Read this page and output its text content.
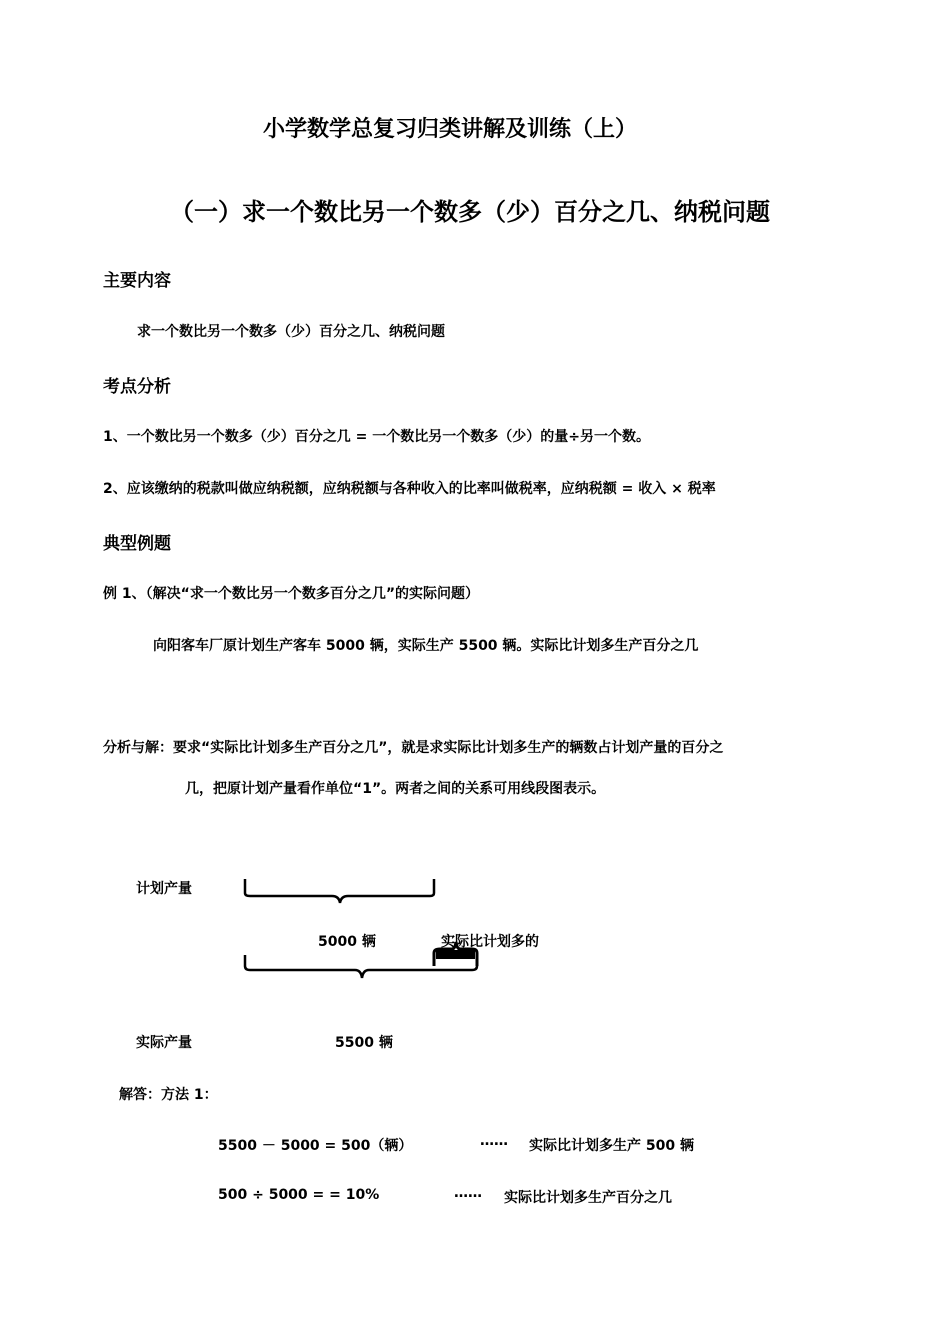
小学数学总复习归类讲解及训练（上）
（一）求一个数比另一个数多（少）百分之几、纳税问题
主要内容
求一个数比另一个数多（少）百分之几、纳税问题
考点分析
1、一个数比另一个数多（少）百分之几 = 一个数比另一个数多（少）的量÷另一个数。
2、应该缴纳的税款叫做应纳税额，应纳税额与各种收入的比率叫做税率，应纳税额 = 收入 × 税率
典型例题
例 1、（解决“求一个数比另一个数多百分之几”的实际问题）
向阳客车厂原计划生产客车 5000 辆，实际生产 5500 辆。实际比计划多生产百分之几
分析与解：要求“实际比计划多生产百分之几”，就是求实际比计划多生产的辆数占计划产量的百分之
几，把原计划产量看作单位“1”。两者之间的关系可用线段图表示。
计划产量
5000 辆	实际比计划多的
实际产量	5500 辆
解答：方法 1：
5500 － 5000 = 500（辆）	…… 实际比计划多生产 500 辆
500 ÷ 5000 = = 10%	…… 实际比计划多生产百分之几
